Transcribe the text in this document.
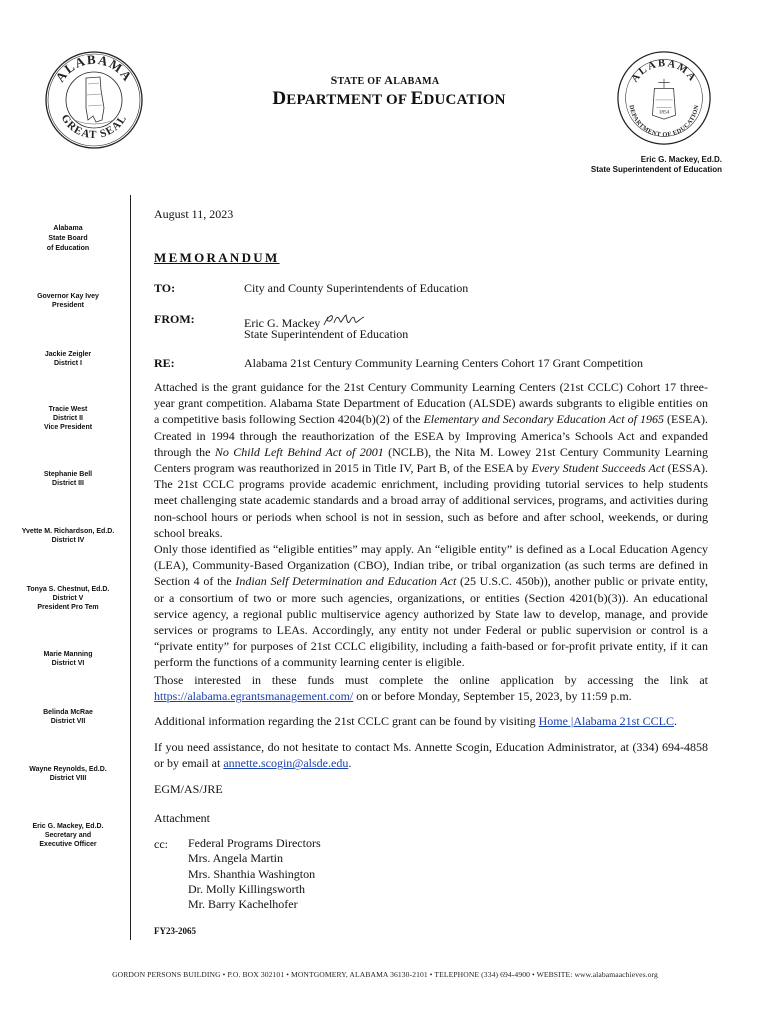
ALABAMA
GREAT SEAL
ALABAMA
DEPARTMENT OF EDUCATION
1854
STATE OF ALABAMA
DEPARTMENT OF EDUCATION
Eric G. Mackey, Ed.D.
State Superintendent of Education
Alabama
State Board
of Education
Governor Kay Ivey
President
Jackie Zeigler
District I
Tracie West
District II
Vice President
Stephanie Bell
District III
Yvette M. Richardson, Ed.D.
District IV
Tonya S. Chestnut, Ed.D.
District V
President Pro Tem
Marie Manning
District VI
Belinda McRae
District VII
Wayne Reynolds, Ed.D.
District VIII
Eric G. Mackey, Ed.D.
Secretary and
Executive Officer
August 11, 2023
MEMORANDUM
TO:	City and County Superintendents of Education
FROM:	Eric G. Mackey
State Superintendent of Education
RE:	Alabama 21st Century Community Learning Centers Cohort 17 Grant Competition
Attached is the grant guidance for the 21st Century Community Learning Centers (21st CCLC) Cohort 17 three-year grant competition. Alabama State Department of Education (ALSDE) awards subgrants to eligible entities on a competitive basis following Section 4204(b)(2) of the Elementary and Secondary Education Act of 1965 (ESEA). Created in 1994 through the reauthorization of the ESEA by Improving America’s Schools Act and expanded through the No Child Left Behind Act of 2001 (NCLB), the Nita M. Lowey 21st Century Community Learning Centers program was reauthorized in 2015 in Title IV, Part B, of the ESEA by Every Student Succeeds Act (ESSA). The 21st CCLC programs provide academic enrichment, including providing tutorial services to help students meet challenging state academic standards and a broad array of additional services, programs, and activities during non-school hours or periods when school is not in session, such as before and after school, weekends, or during school breaks.
Only those identified as “eligible entities” may apply. An “eligible entity” is defined as a Local Education Agency (LEA), Community-Based Organization (CBO), Indian tribe, or tribal organization (as such terms are defined in Section 4 of the Indian Self Determination and Education Act (25 U.S.C. 450b)), another public or private entity, or a consortium of two or more such agencies, organizations, or entities (Section 4201(b)(3)). An educational service agency, a regional public multiservice agency authorized by State law to develop, manage, and provide services or programs to LEAs. Accordingly, any entity not under Federal or public supervision or control is a “private entity” for purposes of 21st CCLC eligibility, including a faith-based or for-profit private entity, if it can perform the functions of a community learning center is eligible.
Those interested in these funds must complete the online application by accessing the link at https://alabama.egrantsmanagement.com/ on or before Monday, September 15, 2023, by 11:59 p.m.
Additional information regarding the 21st CCLC grant can be found by visiting Home |Alabama 21st CCLC.
If you need assistance, do not hesitate to contact Ms. Annette Scogin, Education Administrator, at (334) 694-4858 or by email at annette.scogin@alsde.edu.
EGM/AS/JRE
Attachment
cc: Federal Programs Directors
Mrs. Angela Martin
Mrs. Shanthia Washington
Dr. Molly Killingsworth
Mr. Barry Kachelhofer
FY23-2065
GORDON PERSONS BUILDING • P.O. BOX 302101 • MONTGOMERY, ALABAMA 36130-2101 • TELEPHONE (334) 694-4900 • WEBSITE: www.alabamaachieves.org
